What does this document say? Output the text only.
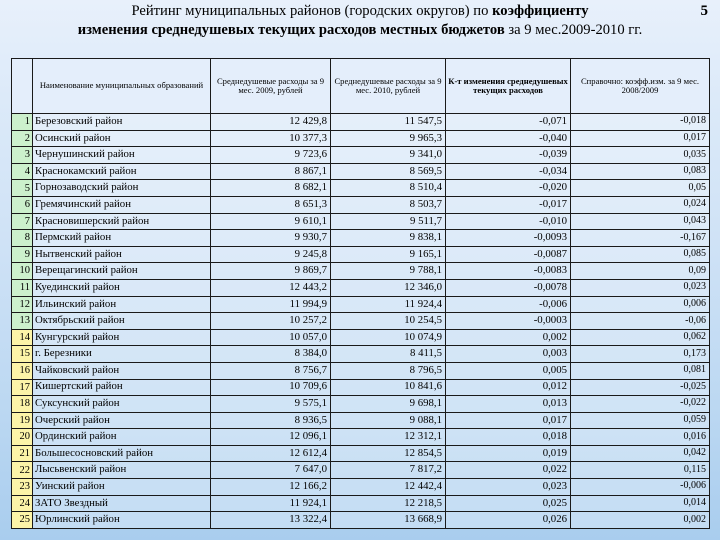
Рейтинг муниципальных районов (городских округов) по коэффициенту
изменения среднедушевых текущих расходов местных бюджетов за 9 мес.2009-2010 гг.
5
	Наименование муниципальных образований	Среднедушевые расходы за 9 мес. 2009, рублей	Среднедушевые расходы за 9 мес. 2010, рублей	К-т изменения среднедушевых текущих расходов	Справочно: коэфф.изм. за 9 мес. 2008/2009
1	Березовский район	12 429,8	11 547,5	-0,071	-0,018
2	Осинский район	10 377,3	9 965,3	-0,040	0,017
3	Чернушинский район	9 723,6	9 341,0	-0,039	0,035
4	Краснокамский район	8 867,1	8 569,5	-0,034	0,083
5	Горнозаводский район	8 682,1	8 510,4	-0,020	0,05
6	Гремячинский район	8 651,3	8 503,7	-0,017	0,024
7	Красновишерский район	9 610,1	9 511,7	-0,010	0,043
8	Пермский район	9 930,7	9 838,1	-0,0093	-0,167
9	Нытвенский район	9 245,8	9 165,1	-0,0087	0,085
10	Верещагинский район	9 869,7	9 788,1	-0,0083	0,09
11	Куединский район	12 443,2	12 346,0	-0,0078	0,023
12	Ильинский район	11 994,9	11 924,4	-0,006	0,006
13	Октябрьский район	10 257,2	10 254,5	-0,0003	-0,06
14	Кунгурский район	10 057,0	10 074,9	0,002	0,062
15	г. Березники	8 384,0	8 411,5	0,003	0,173
16	Чайковский район	8 756,7	8 796,5	0,005	0,081
17	Кишертский район	10 709,6	10 841,6	0,012	-0,025
18	Суксунский район	9 575,1	9 698,1	0,013	-0,022
19	Очерский район	8 936,5	9 088,1	0,017	0,059
20	Ординский район	12 096,1	12 312,1	0,018	0,016
21	Большесосновский район	12 612,4	12 854,5	0,019	0,042
22	Лысьвенский район	7 647,0	7 817,2	0,022	0,115
23	Уинский район	12 166,2	12 442,4	0,023	-0,006
24	ЗАТО Звездный	11 924,1	12 218,5	0,025	0,014
25	Юрлинский район	13 322,4	13 668,9	0,026	0,002
